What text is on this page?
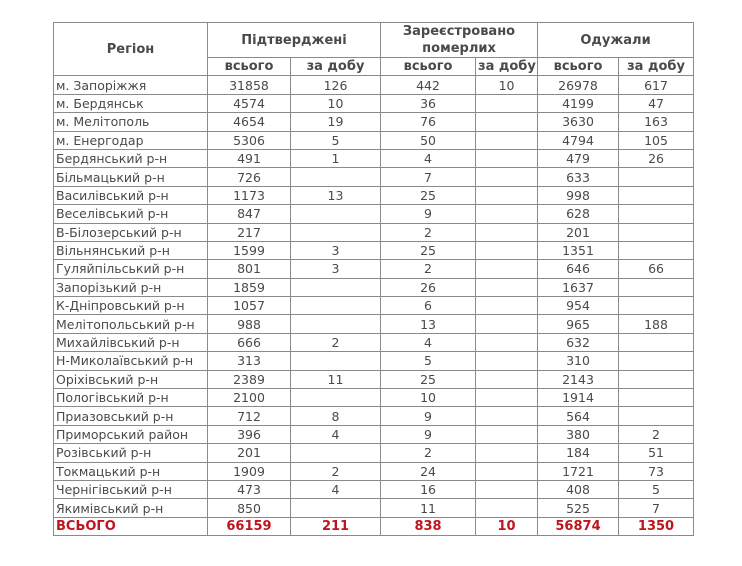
Регіон	Підтверджені		Зареєстровано померлих		Одужали	
	всього	за добу	всього	за добу	всього	за добу
м. Запоріжжя	31858	126	442	10	26978	617
м. Бердянськ	4574	10	36		4199	47
м. Мелітополь	4654	19	76		3630	163
м. Енергодар	5306	5	50		4794	105
Бердянський р-н	491	1	4		479	26
Більмацький р-н	726		7		633	
Василівський р-н	1173	13	25		998	
Веселівський р-н	847		9		628	
В-Білозерський р-н	217		2		201	
Вільнянський р-н	1599	3	25		1351	
Гуляйпільський р-н	801	3	2		646	66
Запорізький р-н	1859		26		1637	
К-Дніпровський р-н	1057		6		954	
Мелітопольський р-н	988		13		965	188
Михайлівський р-н	666	2	4		632	
Н-Миколаївський р-н	313		5		310	
Оріхівський р-н	2389	11	25		2143	
Пологівський р-н	2100		10		1914	
Приазовський р-н	712	8	9		564	
Приморський район	396	4	9		380	2
Розівський р-н	201		2		184	51
Токмацький р-н	1909	2	24		1721	73
Чернігівський р-н	473	4	16		408	5
Якимівський р-н	850		11		525	7
ВСЬОГО	66159	211	838	10	56874	1350
